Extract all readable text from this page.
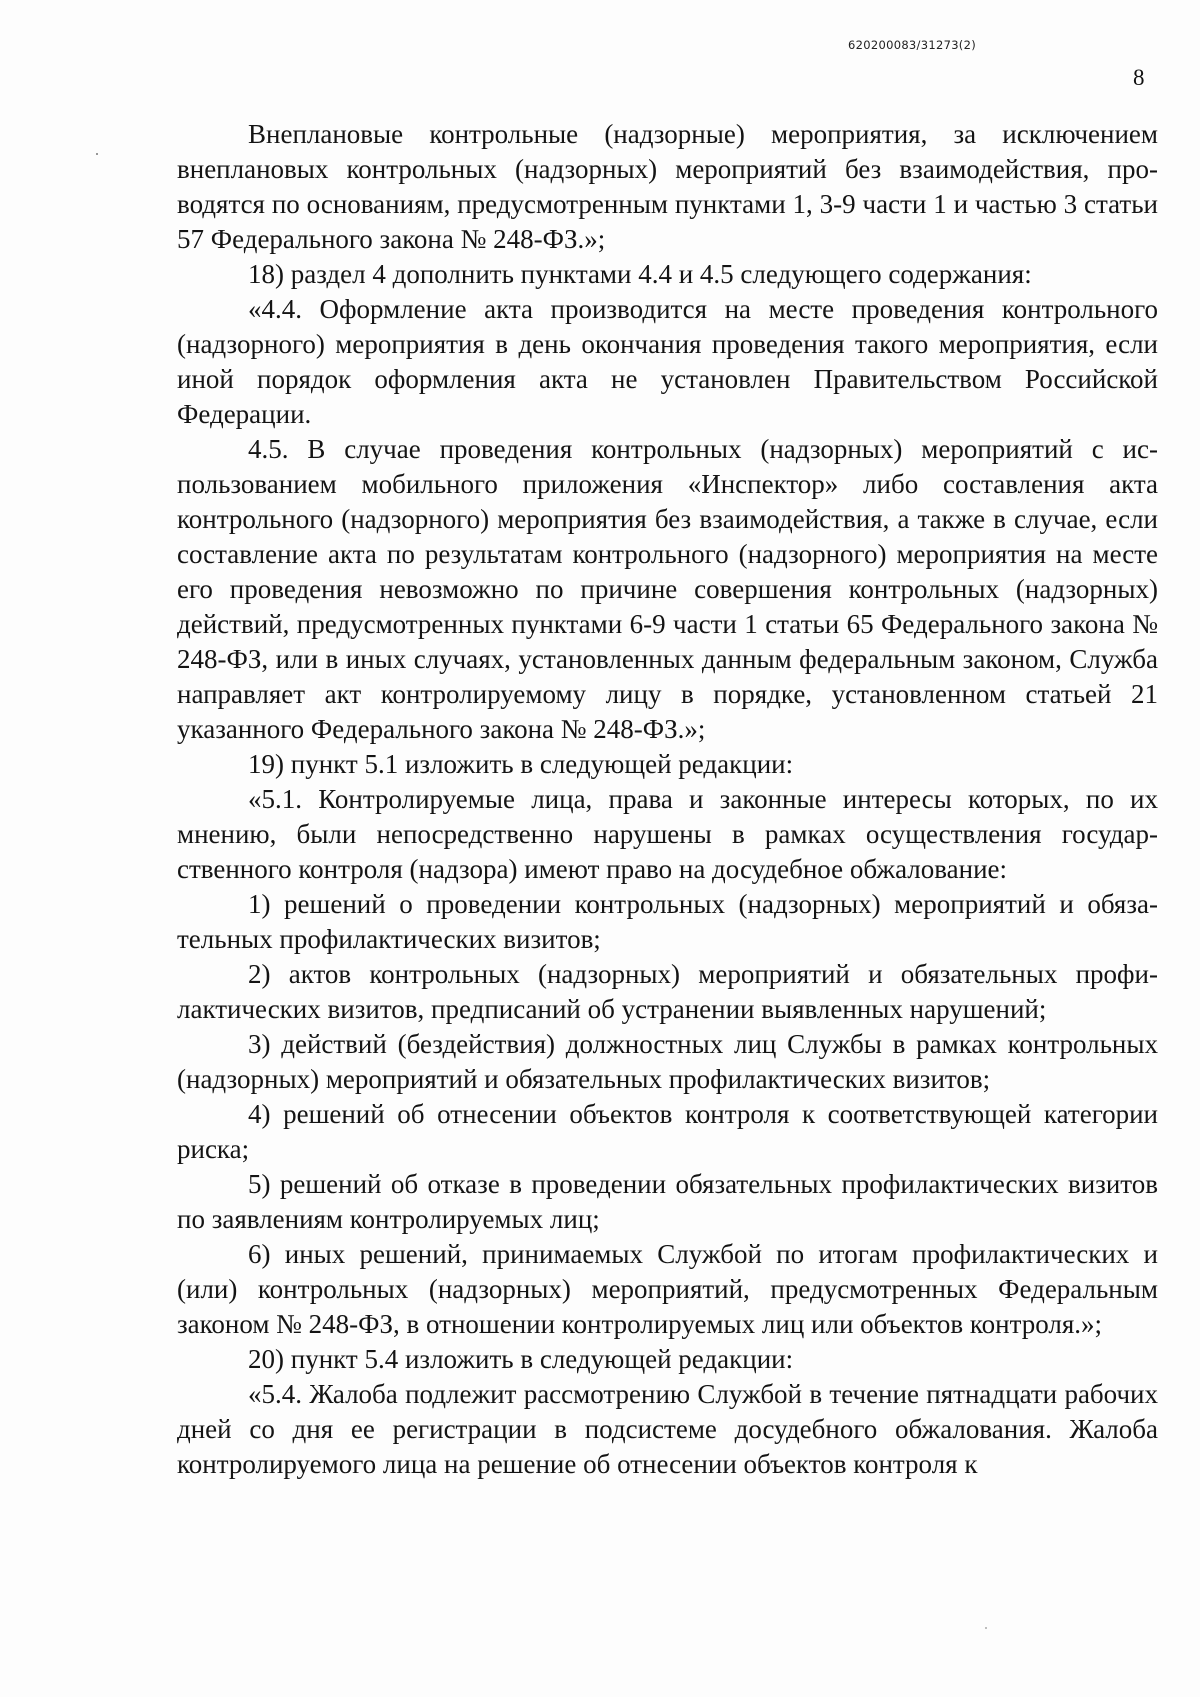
620200083/31273(2)
8

Внеплановые контрольные (надзорные) мероприятия, за исключением внеплановых контрольных (надзорных) мероприятий без взаимодействия, проводятся по основаниям, предусмотренным пунктами 1, 3-9 части 1 и частью 3 статьи 57 Федерального закона № 248-ФЗ.»;

18) раздел 4 дополнить пунктами 4.4 и 4.5 следующего содержания:

«4.4. Оформление акта производится на месте проведения контрольного (надзорного) мероприятия в день окончания проведения такого мероприятия, если иной порядок оформления акта не установлен Правительством Российской Федерации.

4.5. В случае проведения контрольных (надзорных) мероприятий с использованием мобильного приложения «Инспектор» либо составления акта контрольного (надзорного) мероприятия без взаимодействия, а также в случае, если составление акта по результатам контрольного (надзорного) мероприятия на месте его проведения невозможно по причине совершения контрольных (надзорных) действий, предусмотренных пунктами 6-9 части 1 статьи 65 Федерального закона № 248-ФЗ, или в иных случаях, установленных данным федеральным законом, Служба направляет акт контролируемому лицу в порядке, установленном статьей 21 указанного Федерального закона № 248-ФЗ.»;

19) пункт 5.1 изложить в следующей редакции:

«5.1. Контролируемые лица, права и законные интересы которых, по их мнению, были непосредственно нарушены в рамках осуществления государственного контроля (надзора) имеют право на досудебное обжалование:

1) решений о проведении контрольных (надзорных) мероприятий и обязательных профилактических визитов;

2) актов контрольных (надзорных) мероприятий и обязательных профилактических визитов, предписаний об устранении выявленных нарушений;

3) действий (бездействия) должностных лиц Службы в рамках контрольных (надзорных) мероприятий и обязательных профилактических визитов;

4) решений об отнесении объектов контроля к соответствующей категории риска;

5) решений об отказе в проведении обязательных профилактических визитов по заявлениям контролируемых лиц;

6) иных решений, принимаемых Службой по итогам профилактических и (или) контрольных (надзорных) мероприятий, предусмотренных Федеральным законом № 248-ФЗ, в отношении контролируемых лиц или объектов контроля.»;

20) пункт 5.4 изложить в следующей редакции:

«5.4. Жалоба подлежит рассмотрению Службой в течение пятнадцати рабочих дней со дня ее регистрации в подсистеме досудебного обжалования. Жалоба контролируемого лица на решение об отнесении объектов контроля к
